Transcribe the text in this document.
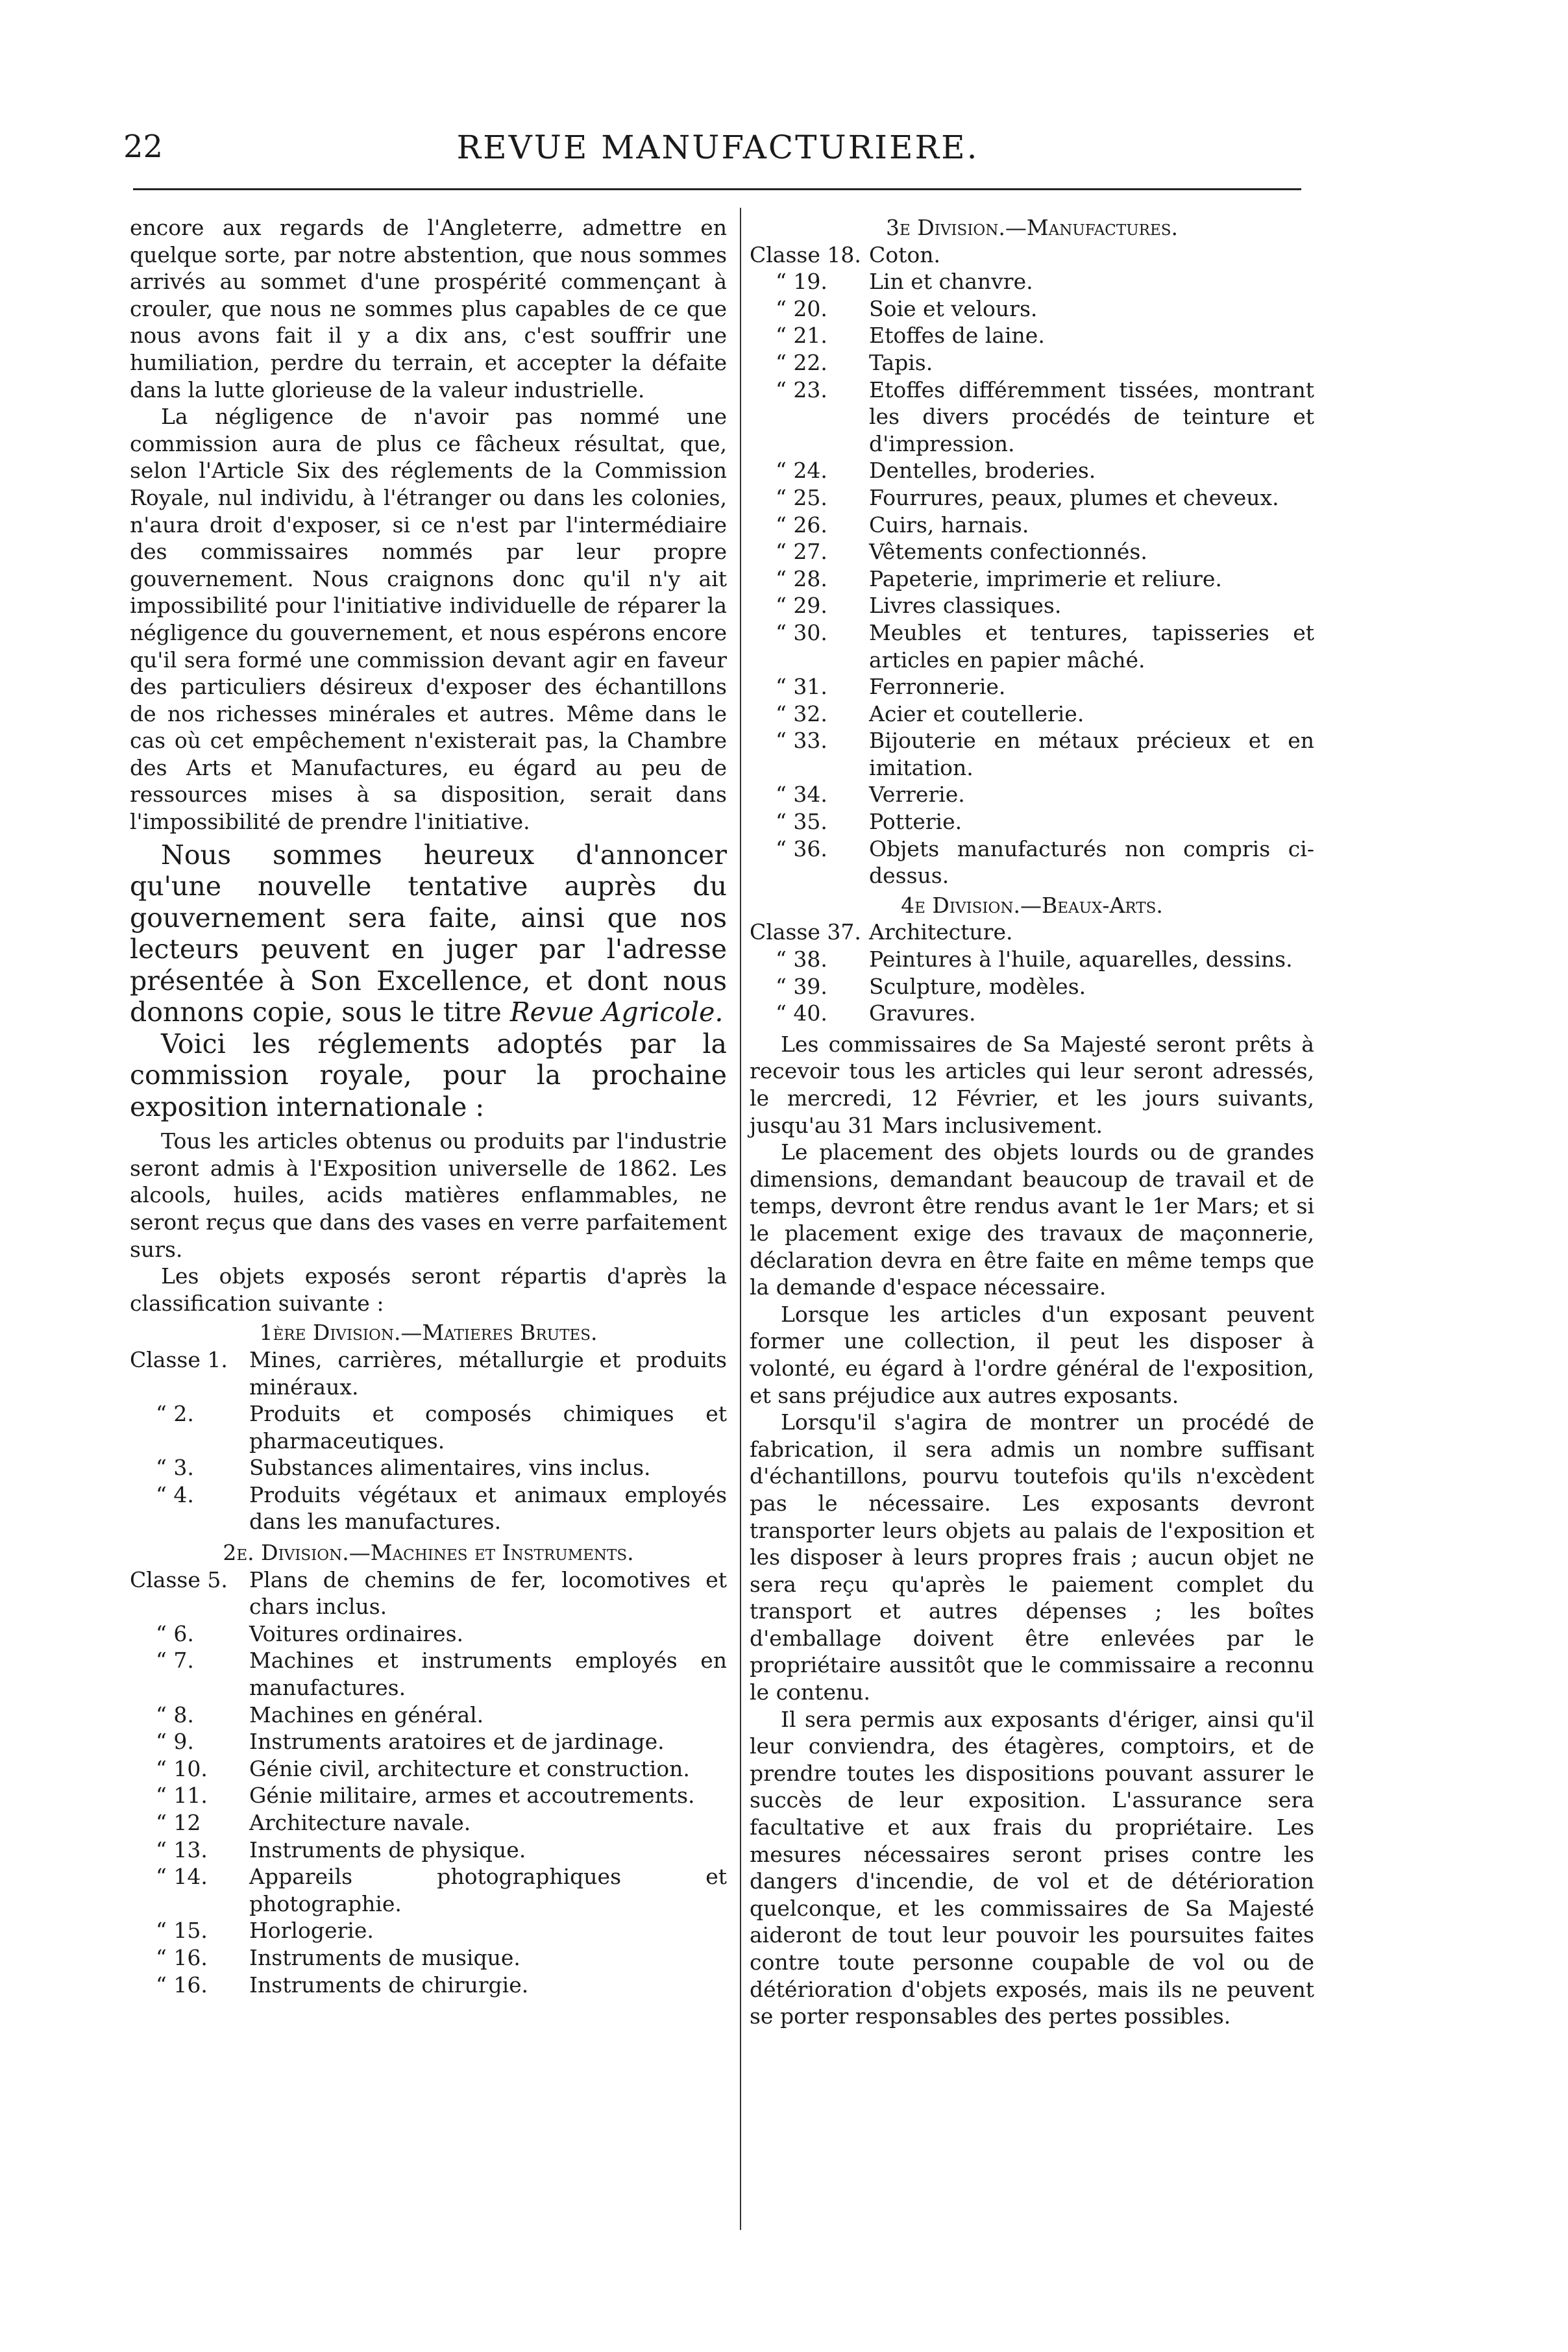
22	REVUE MANUFACTURIERE.

encore aux regards de l'Angleterre, admettre en quelque sorte, par notre abstention, que nous sommes arrivés au sommet d'une prospérité commençant à crouler, que nous ne sommes plus capables de ce que nous avons fait il y a dix ans, c'est souffrir une humiliation, perdre du terrain, et accepter la défaite dans la lutte glorieuse de la valeur industrielle.

La négligence de n'avoir pas nommé une commission aura de plus ce fâcheux résultat, que, selon l'Article Six des réglements de la Commission Royale, nul individu, à l'étranger ou dans les colonies, n'aura droit d'exposer, si ce n'est par l'intermédiaire des commissaires nommés par leur propre gouvernement. Nous craignons donc qu'il n'y ait impossibilité pour l'initiative individuelle de réparer la négligence du gouvernement, et nous espérons encore qu'il sera formé une commission devant agir en faveur des particuliers désireux d'exposer des échantillons de nos richesses minérales et autres. Même dans le cas où cet empêchement n'existerait pas, la Chambre des Arts et Manufactures, eu égard au peu de ressources mises à sa disposition, serait dans l'impossibilité de prendre l'initiative.

Nous sommes heureux d'annoncer qu'une nouvelle tentative auprès du gouvernement sera faite, ainsi que nos lecteurs peuvent en juger par l'adresse présentée à Son Excellence, et dont nous donnons copie, sous le titre Revue Agricole.

Voici les réglements adoptés par la commission royale, pour la prochaine exposition internationale :

Tous les articles obtenus ou produits par l'industrie seront admis à l'Exposition universelle de 1862. Les alcools, huiles, acids matières enflammables, ne seront reçus que dans des vases en verre parfaitement surs.

Les objets exposés seront répartis d'après la classification suivante :

1ère Division.—Matieres Brutes.

Classe 1.	Mines, carrières, métallurgie et produits minéraux.
“ 2.	Produits et composés chimiques et pharmaceutiques.
“ 3.	Substances alimentaires, vins inclus.
“ 4.	Produits végétaux et animaux employés dans les manufactures.

2e. Division.—Machines et Instruments.

Classe 5.	Plans de chemins de fer, locomotives et chars inclus.
“ 6.	Voitures ordinaires.
“ 7.	Machines et instruments employés en manufactures.
“ 8.	Machines en général.
“ 9.	Instruments aratoires et de jardinage.
“ 10.	Génie civil, architecture et construction.
“ 11.	Génie militaire, armes et accoutrements.
“ 12	Architecture navale.
“ 13.	Instruments de physique.
“ 14.	Appareils photographiques et photographie.
“ 15.	Horlogerie.
“ 16.	Instruments de musique.
“ 16.	Instruments de chirurgie.

3e Division.—Manufactures.

Classe 18. Coton.
“ 19.	Lin et chanvre.
“ 20.	Soie et velours.
“ 21.	Etoffes de laine.
“ 22.	Tapis.
“ 23.	Etoffes différemment tissées, montrant les divers procédés de teinture et d'impression.
“ 24.	Dentelles, broderies.
“ 25.	Fourrures, peaux, plumes et cheveux.
“ 26.	Cuirs, harnais.
“ 27.	Vêtements confectionnés.
“ 28.	Papeterie, imprimerie et reliure.
“ 29.	Livres classiques.
“ 30.	Meubles et tentures, tapisseries et articles en papier mâché.
“ 31.	Ferronnerie.
“ 32.	Acier et coutellerie.
“ 33.	Bijouterie en métaux précieux et en imitation.
“ 34.	Verrerie.
“ 35.	Potterie.
“ 36.	Objets manufacturés non compris ci-dessus.

4e Division.—Beaux-Arts.

Classe 37. Architecture.
“ 38.	Peintures à l'huile, aquarelles, dessins.
“ 39.	Sculpture, modèles.
“ 40.	Gravures.

Les commissaires de Sa Majesté seront prêts à recevoir tous les articles qui leur seront adressés, le mercredi, 12 Février, et les jours suivants, jusqu'au 31 Mars inclusivement.

Le placement des objets lourds ou de grandes dimensions, demandant beaucoup de travail et de temps, devront être rendus avant le 1er Mars; et si le placement exige des travaux de maçonnerie, déclaration devra en être faite en même temps que la demande d'espace nécessaire.

Lorsque les articles d'un exposant peuvent former une collection, il peut les disposer à volonté, eu égard à l'ordre général de l'exposition, et sans préjudice aux autres exposants.

Lorsqu'il s'agira de montrer un procédé de fabrication, il sera admis un nombre suffisant d'échantillons, pourvu toutefois qu'ils n'excèdent pas le nécessaire. Les exposants devront transporter leurs objets au palais de l'exposition et les disposer à leurs propres frais ; aucun objet ne sera reçu qu'après le paiement complet du transport et autres dépenses ; les boîtes d'emballage doivent être enlevées par le propriétaire aussitôt que le commissaire a reconnu le contenu.

Il sera permis aux exposants d'ériger, ainsi qu'il leur conviendra, des étagères, comptoirs, et de prendre toutes les dispositions pouvant assurer le succès de leur exposition. L'assurance sera facultative et aux frais du propriétaire. Les mesures nécessaires seront prises contre les dangers d'incendie, de vol et de détérioration quelconque, et les commissaires de Sa Majesté aideront de tout leur pouvoir les poursuites faites contre toute personne coupable de vol ou de détérioration d'objets exposés, mais ils ne peuvent se porter responsables des pertes possibles.
